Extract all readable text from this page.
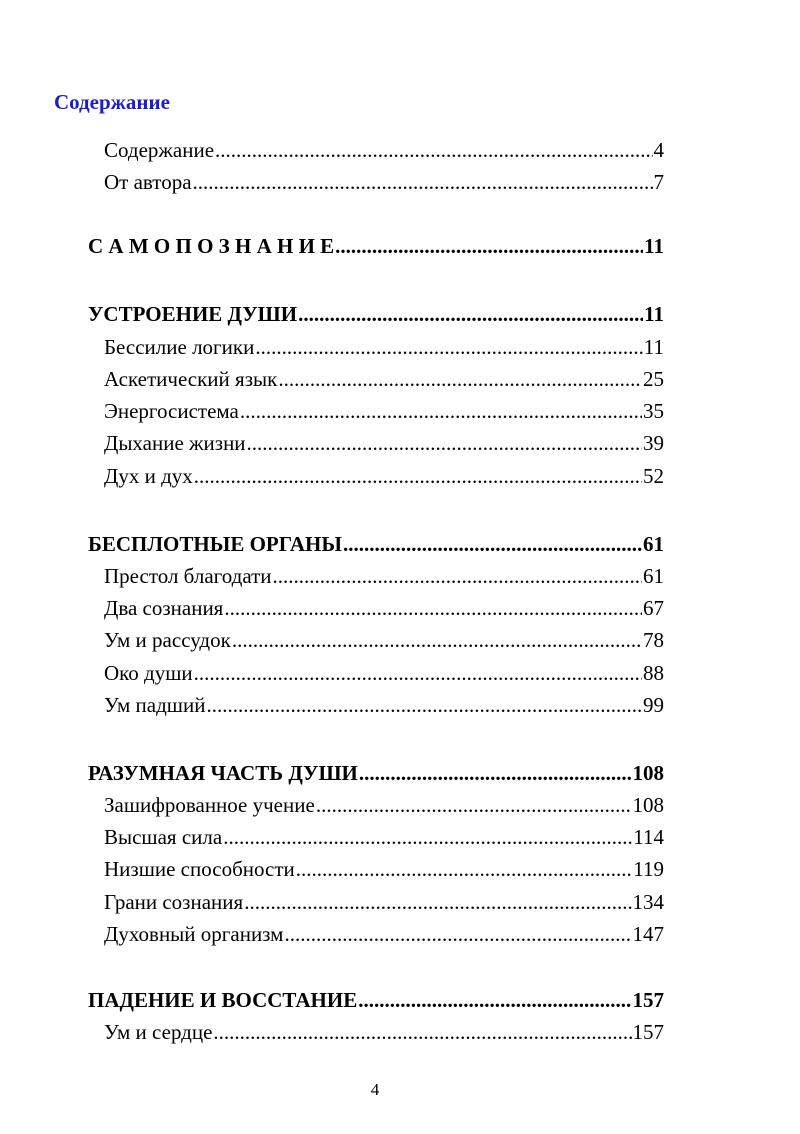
Содержание
Содержание .....	4
От автора .....	7
С А М О П О З Н А Н И Е .....	11
УСТРОЕНИЕ ДУШИ .....	11
Бессилие логики .....	11
Аскетический язык .....	25
Энергосистема .....	35
Дыхание жизни .....	39
Дух и дух .....	52
БЕСПЛОТНЫЕ ОРГАНЫ .....	61
Престол благодати .....	61
Два сознания .....	67
Ум и рассудок .....	78
Око души .....	88
Ум падший .....	99
РАЗУМНАЯ ЧАСТЬ ДУШИ .....	108
Зашифрованное учение .....	108
Высшая сила .....	114
Низшие способности .....	119
Грани сознания .....	134
Духовный организм .....	147
ПАДЕНИЕ И ВОССТАНИЕ .....	157
Ум и сердце .....	157
4
